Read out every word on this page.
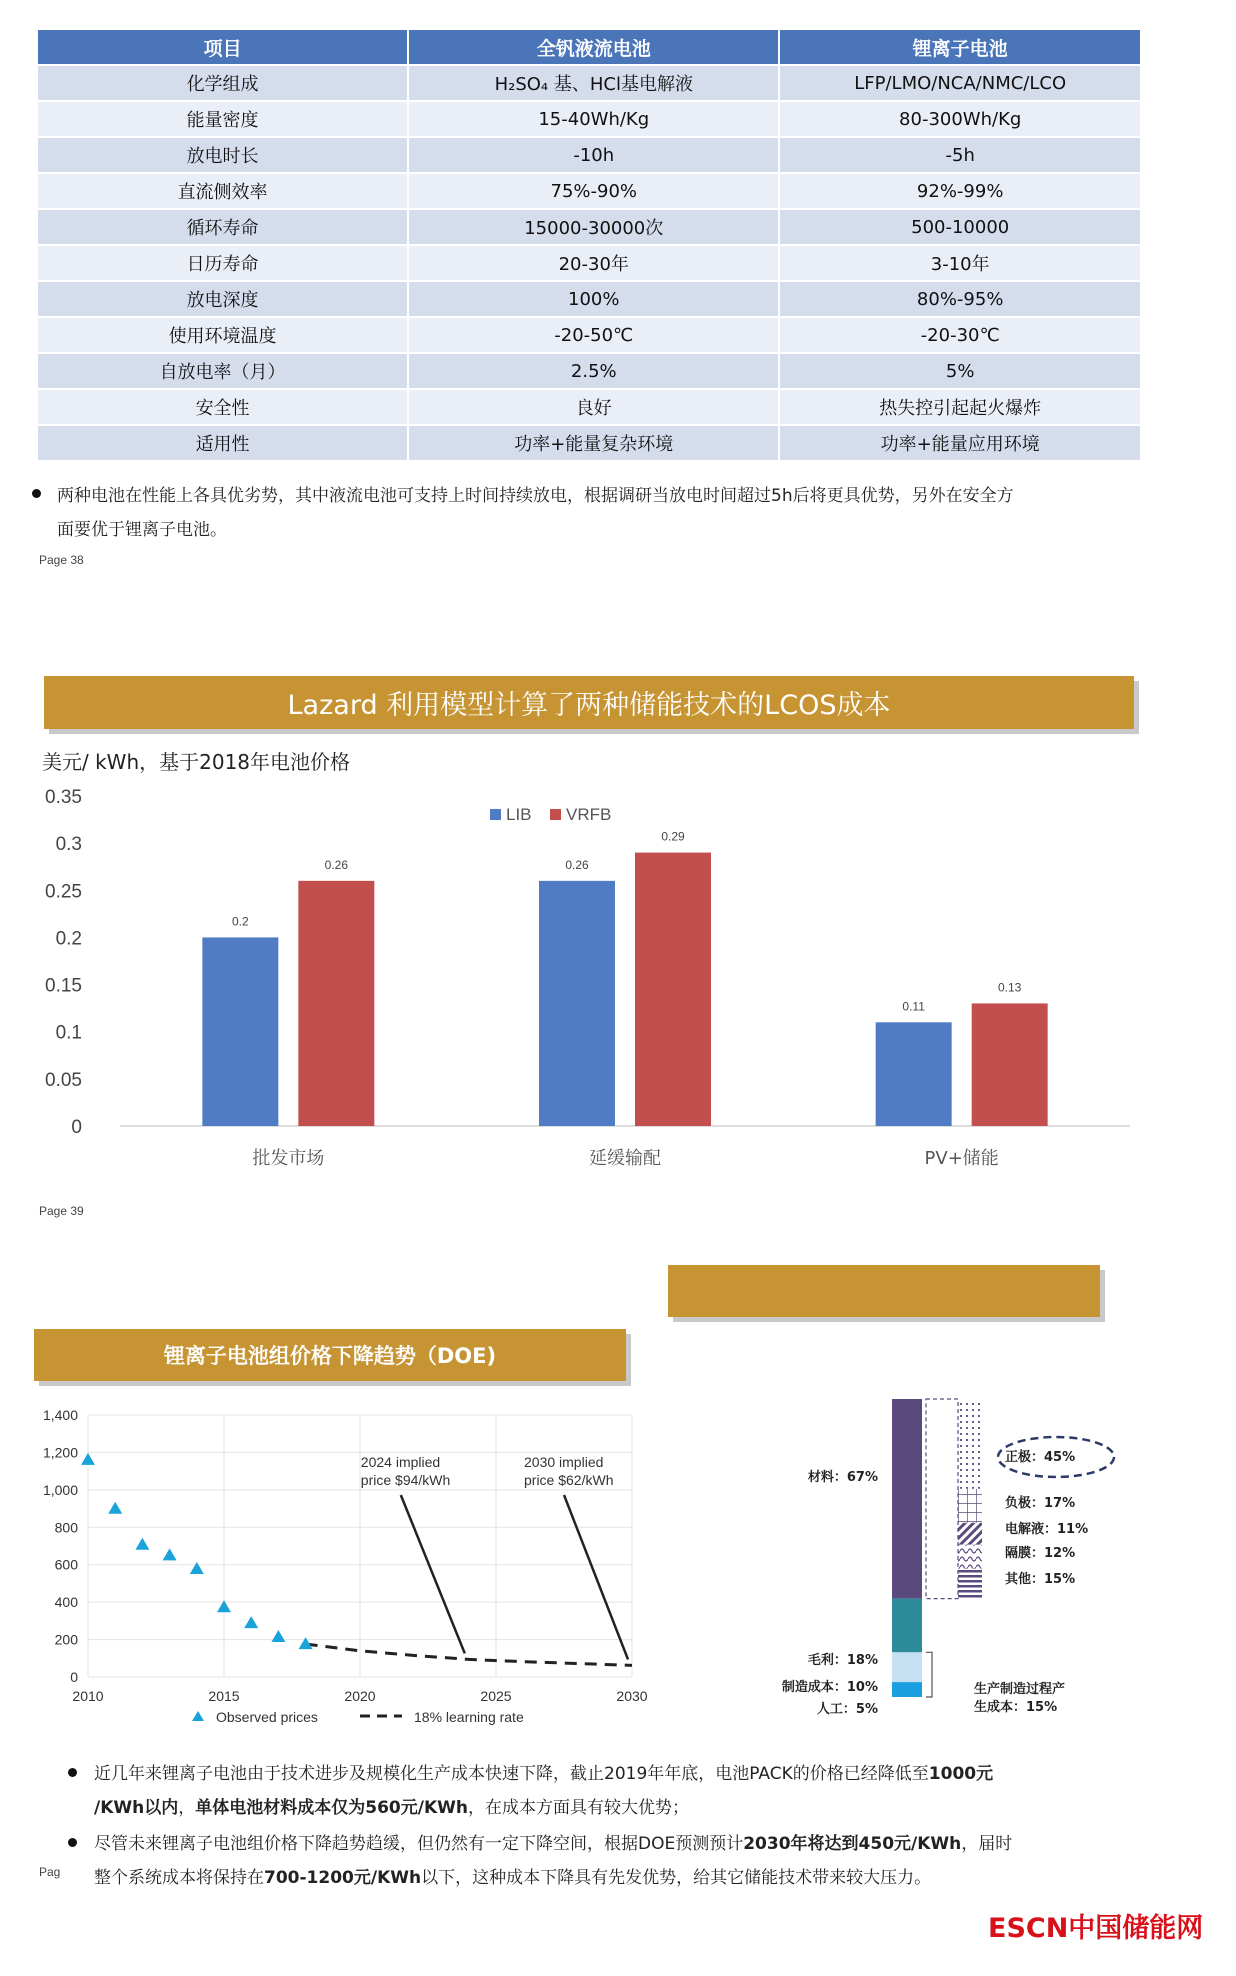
项目	全钒液流电池	锂离子电池
化学组成	H₂SO₄ 基、HCl基电解液	LFP/LMO/NCA/NMC/LCO
能量密度	15-40Wh/Kg	80-300Wh/Kg
放电时长	-10h	-5h
直流侧效率	75%-90%	92%-99%
循环寿命	15000-30000次	500-10000
日历寿命	20-30年	3-10年
放电深度	100%	80%-95%
使用环境温度	-20-50℃	-20-30℃
自放电率（月）	2.5%	5%
安全性	良好	热失控引起起火爆炸
适用性	功率+能量复杂环境	功率+能量应用环境
两种电池在性能上各具优劣势，其中液流电池可支持上时间持续放电，根据调研当放电时间超过5h后将更具优势，另外在安全方
面要优于锂离子电池。
Page 38
Lazard 利用模型计算了两种储能技术的LCOS成本
美元/ kWh，基于2018年电池价格
0
0.05
0.1
0.15
0.2
0.25
0.3
0.35
0.2
0.26
批发市场
0.26
0.29
延缓输配
0.11
0.13
PV+储能
LIB VRFB
Page 39
锂离子电池组价格下降趋势（DOE)
0
200
400
600
800
1,000
1,200
1,400
2010	2015	2020	2025	2030
2024 implied
price $94/kWh
2030 implied
price $62/kWh
Observed prices	18% learning rate
材料：67%
毛利：18%
制造成本：10%
人工：5%
正极：45%
负极：17%
电解液：11%
隔膜：12%
其他：15%
生产制造过程产
生成本：15%
近几年来锂离子电池由于技术进步及规模化生产成本快速下降，截止2019年年底，电池PACK的价格已经降低至1000元
/KWh以内，单体电池材料成本仅为560元/KWh，在成本方面具有较大优势；
尽管未来锂离子电池组价格下降趋势趋缓，但仍然有一定下降空间，根据DOE预测预计2030年将达到450元/KWh，届时
整个系统成本将保持在700-1200元/KWh以下，这种成本下降具有先发优势，给其它储能技术带来较大压力。
Pag
ESCN中国储能网
